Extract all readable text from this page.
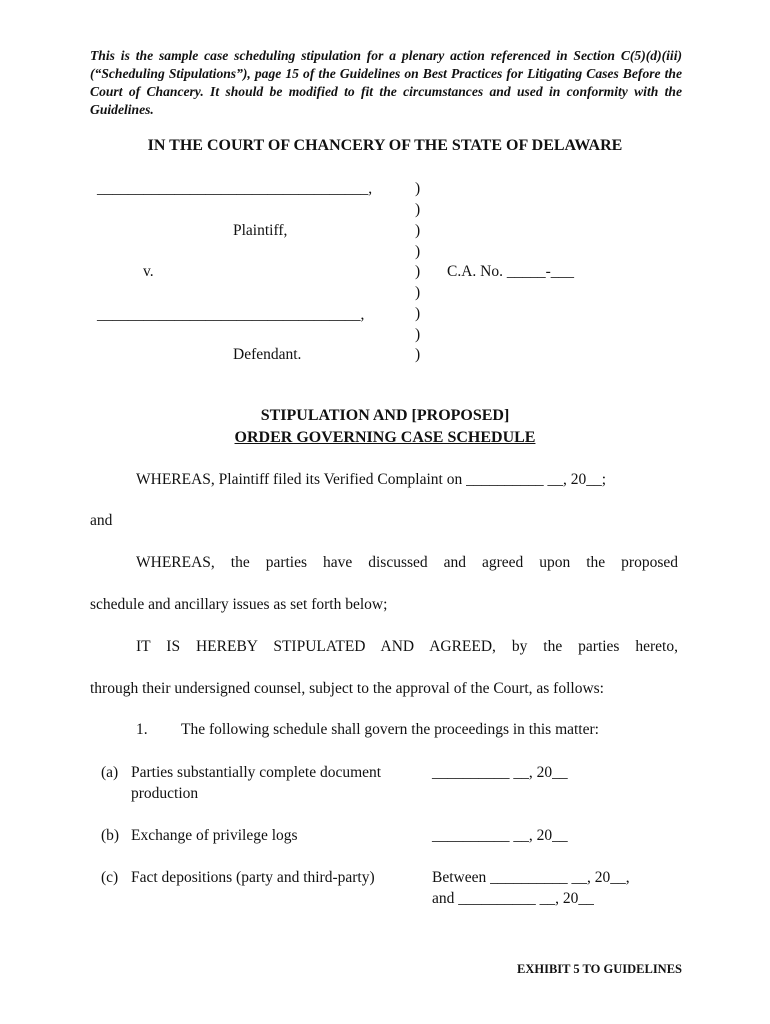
This is the sample case scheduling stipulation for a plenary action referenced in Section C(5)(d)(iii) (“Scheduling Stipulations”), page 15 of the Guidelines on Best Practices for Litigating Cases Before the Court of Chancery. It should be modified to fit the circumstances and used in conformity with the Guidelines.
IN THE COURT OF CHANCERY OF THE STATE OF DELAWARE
___________________________________,
Plaintiff,
v.
__________________________________,
Defendant.
)
)
)
)
)
)
)
)
)
C.A. No. _____-___
STIPULATION AND [PROPOSED]
ORDER GOVERNING CASE SCHEDULE
WHEREAS, Plaintiff filed its Verified Complaint on __________ __, 20__;
and
WHEREAS, the parties have discussed and agreed upon the proposed
schedule and ancillary issues as set forth below;
IT IS HEREBY STIPULATED AND AGREED, by the parties hereto,
through their undersigned counsel, subject to the approval of the Court, as follows:
1. The following schedule shall govern the proceedings in this matter:
(a) Parties substantially complete document production
__________ __, 20__
(b) Exchange of privilege logs	__________ __, 20__
(c) Fact depositions (party and third-party)	Between __________ __, 20__, and __________ __, 20__
EXHIBIT 5 TO GUIDELINES
